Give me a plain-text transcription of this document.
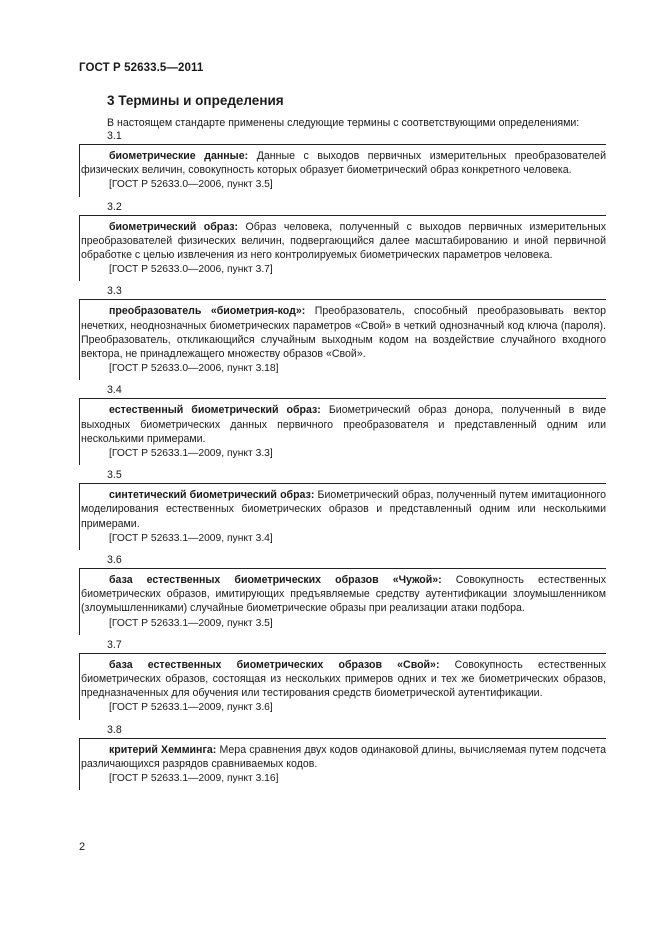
ГОСТ Р 52633.5—2011
3 Термины и определения
В настоящем стандарте применены следующие термины с соответствующими определениями:
3.1

биометрические данные: Данные с выходов первичных измерительных преобразователей физических величин, совокупность которых образует биометрический образ конкретного человека.

[ГОСТ Р 52633.0—2006, пункт 3.5]

3.2

биометрический образ: Образ человека, полученный с выходов первичных измерительных преобразователей физических величин, подвергающийся далее масштабированию и иной первичной обработке с целью извлечения из него контролируемых биометрических параметров человека.

[ГОСТ Р 52633.0—2006, пункт 3.7]

3.3

преобразователь «биометрия-код»: Преобразователь, способный преобразовывать вектор нечетких, неоднозначных биометрических параметров «Свой» в четкий однозначный код ключа (пароля). Преобразователь, откликающийся случайным выходным кодом на воздействие случайного входного вектора, не принадлежащего множеству образов «Свой».

[ГОСТ Р 52633.0—2006, пункт 3.18]

3.4

естественный биометрический образ: Биометрический образ донора, полученный в виде выходных биометрических данных первичного преобразователя и представленный одним или несколькими примерами.

[ГОСТ Р 52633.1—2009, пункт 3.3]

3.5

синтетический биометрический образ: Биометрический образ, полученный путем имитационного моделирования естественных биометрических образов и представленный одним или несколькими примерами.

[ГОСТ Р 52633.1—2009, пункт 3.4]

3.6

база естественных биометрических образов «Чужой»: Совокупность естественных биометрических образов, имитирующих предъявляемые средству аутентификации злоумышленником (злоумышленниками) случайные биометрические образы при реализации атаки подбора.

[ГОСТ Р 52633.1—2009, пункт 3.5]

3.7

база естественных биометрических образов «Свой»: Совокупность естественных биометрических образов, состоящая из нескольких примеров одних и тех же биометрических образов, предназначенных для обучения или тестирования средств биометрической аутентификации.

[ГОСТ Р 52633.1—2009, пункт 3.6]

3.8

критерий Хемминга: Мера сравнения двух кодов одинаковой длины, вычисляемая путем подсчета различающихся разрядов сравниваемых кодов.

[ГОСТ Р 52633.1—2009, пункт 3.16]

2
